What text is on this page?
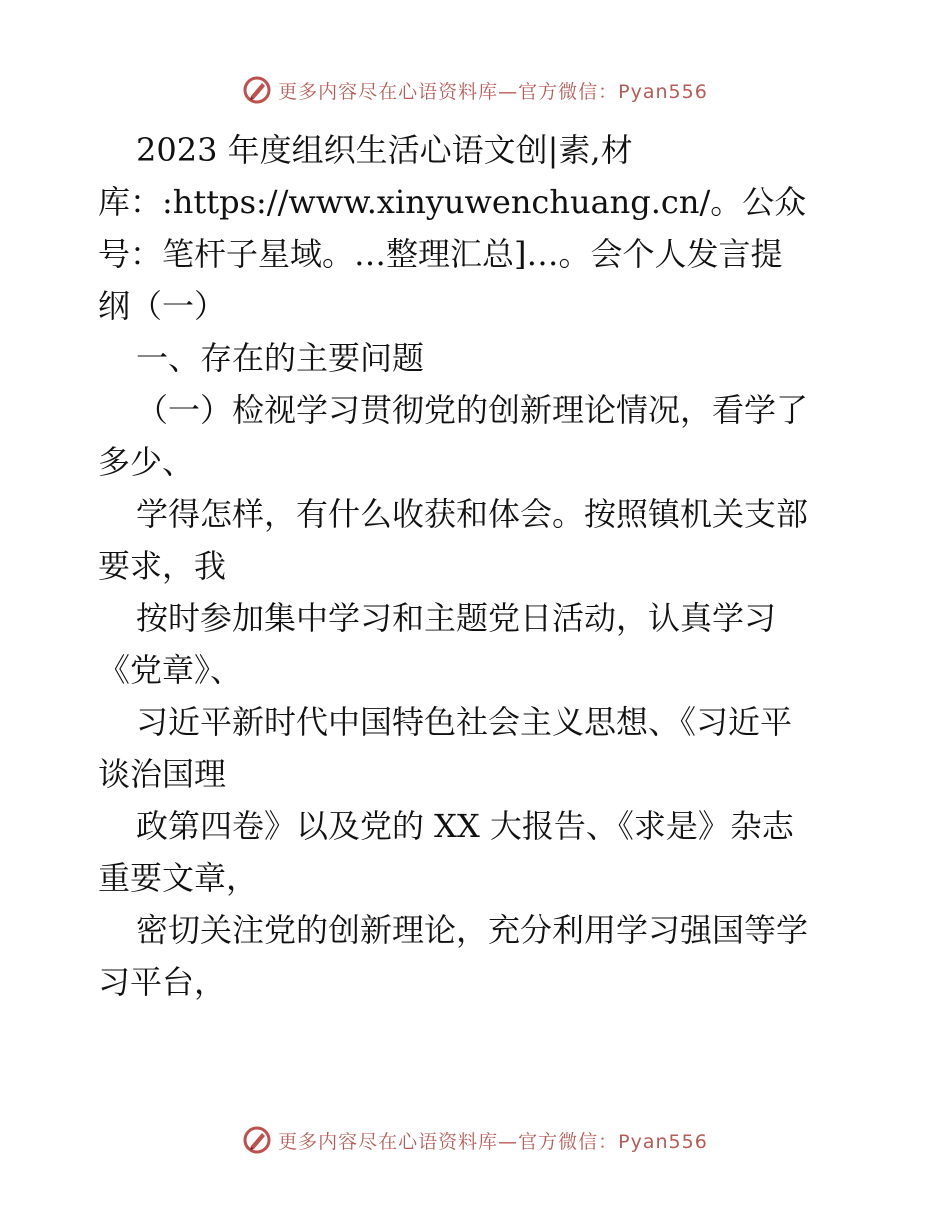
更多内容尽在心语资料库—官方微信：Pyan556
2023 年度组织生活心语文创|素,材
库：:https://www.xinyuwenchuang.cn/。公众
号：笔杆子星域。…整理汇总]…。会个人发言提
纲（一）
一、存在的主要问题
（一）检视学习贯彻党的创新理论情况，看学了
多少、
学得怎样，有什么收获和体会。按照镇机关支部
要求，我
按时参加集中学习和主题党日活动，认真学习
《党章》、
习近平新时代中国特色社会主义思想、《习近平
谈治国理
政第四卷》以及党的 XX 大报告、《求是》杂志
重要文章，
密切关注党的创新理论，充分利用学习强国等学
习平台，
更多内容尽在心语资料库—官方微信：Pyan556
